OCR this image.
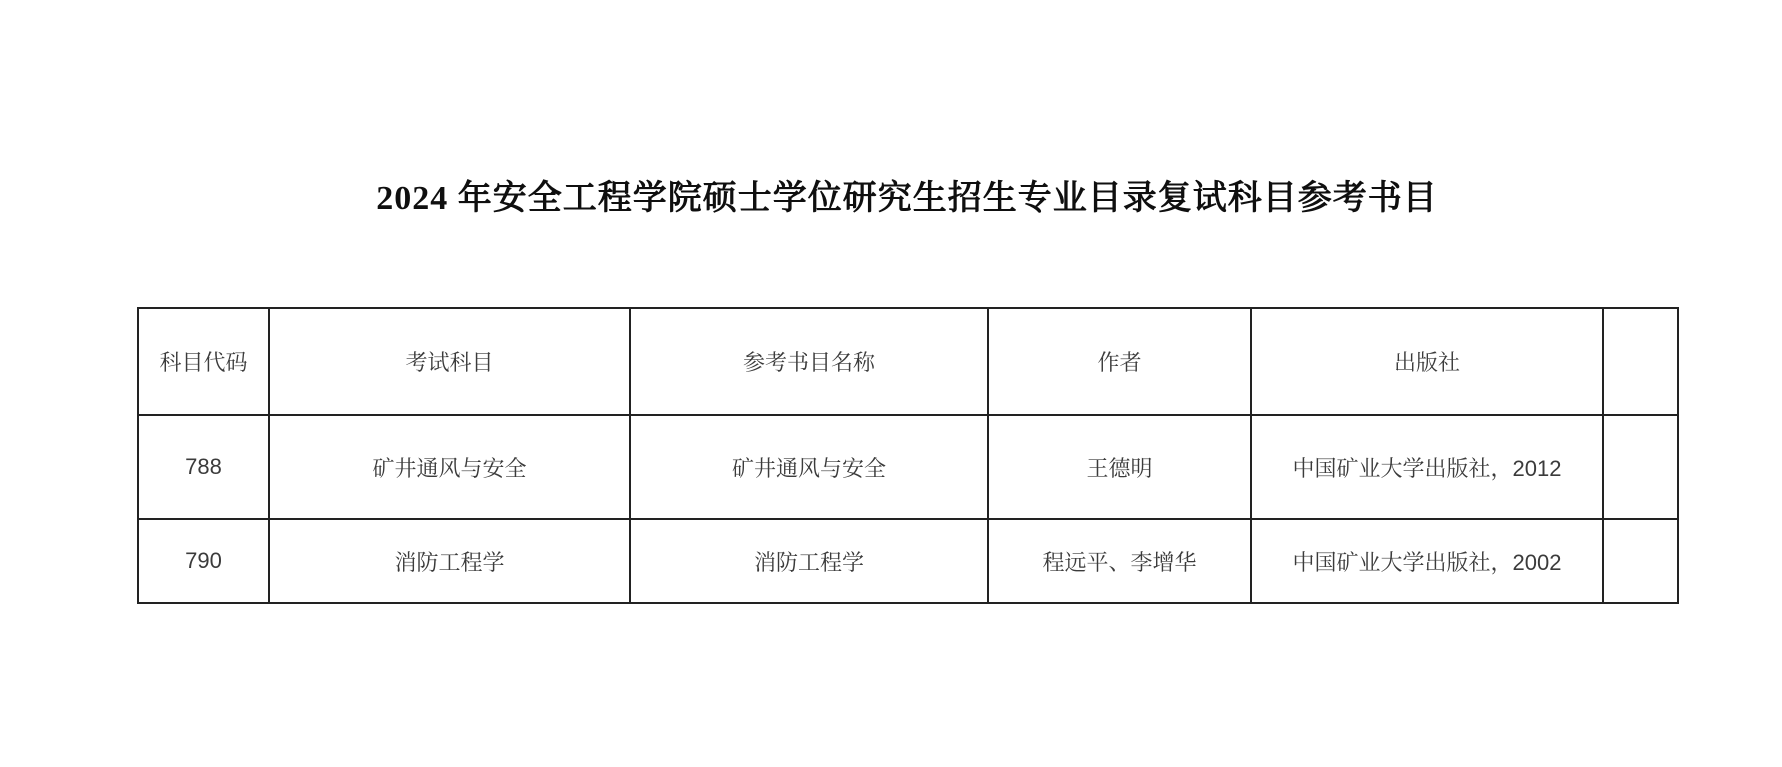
2024 年安全工程学院硕士学位研究生招生专业目录复试科目参考书目
科目代码	考试科目	参考书目名称	作者	出版社	
788	矿井通风与安全	矿井通风与安全	王德明	中国矿业大学出版社，2012	
790	消防工程学	消防工程学	程远平、李增华	中国矿业大学出版社，2002	
